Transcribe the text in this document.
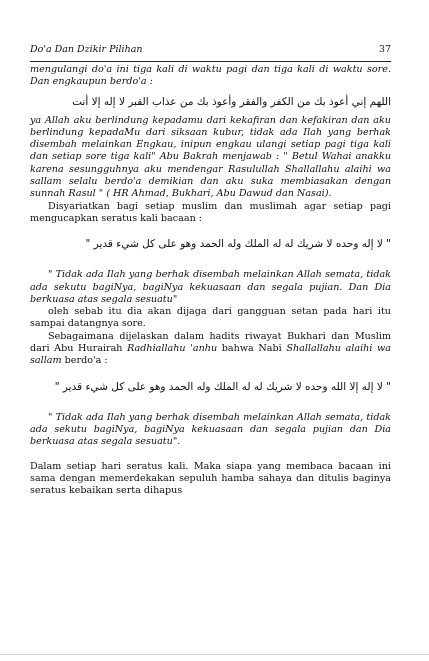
Do'a Dan Dzikir Pilihan	37

mengulangi do'a ini tiga kali di waktu pagi dan tiga kali di waktu sore. Dan engkaupun berdo'a :

اللهم إني أعوذ بك من الكفر والفقر وأعوذ بك من عذاب القبر لا إله إلا أنت

ya Allah aku berlindung kepadamu dari kekafiran dan kefakiran dan aku berlindung kepadaMu dari siksaan kubur, tidak ada Ilah yang berhak disembah melainkan Engkau, inipun engkau ulangi setiap pagi tiga kali dan setiap sore tiga kali" Abu Bakrah menjawab : " Betul Wahai anakku karena sesungguhnya aku mendengar Rasulullah Shallallahu alaihi wa sallam selalu berdo'a demikian dan aku suka membiasakan dengan sunnah Rasul " ( HR Ahmad, Bukhari, Abu Dawud dan Nasai).

Disyariatkan bagi setiap muslim dan muslimah agar setiap pagi mengucapkan seratus kali bacaan :

" لا إله وحده لا شريك له له الملك وله الحمد وهو على كل شيء قدير "

" Tidak ada Ilah yang berhak disembah melainkan Allah semata, tidak ada sekutu bagiNya, bagiNya kekuasaan dan segala pujian. Dan Dia berkuasa atas segala sesuatu"

oleh sebab itu dia akan dijaga dari gangguan setan pada hari itu sampai datangnya sore.

Sebagaimana dijelaskan dalam hadits riwayat Bukhari dan Muslim dari Abu Hurairah Radhiallahu 'anhu bahwa Nabi Shallallahu alaihi wa sallam berdo'a :

" لا إله إلا الله وحده لا شريك له له الملك وله الحمد وهو على كل شيء قدير "

" Tidak ada Ilah yang berhak disembah melainkan Allah semata, tidak ada sekutu bagiNya, bagiNya kekuasaan dan segala pujian dan Dia berkuasa atas segala sesuatu".

Dalam setiap hari seratus kali. Maka siapa yang membaca bacaan ini sama dengan memerdekakan sepuluh hamba sahaya dan ditulis baginya seratus kebaikan serta dihapus
